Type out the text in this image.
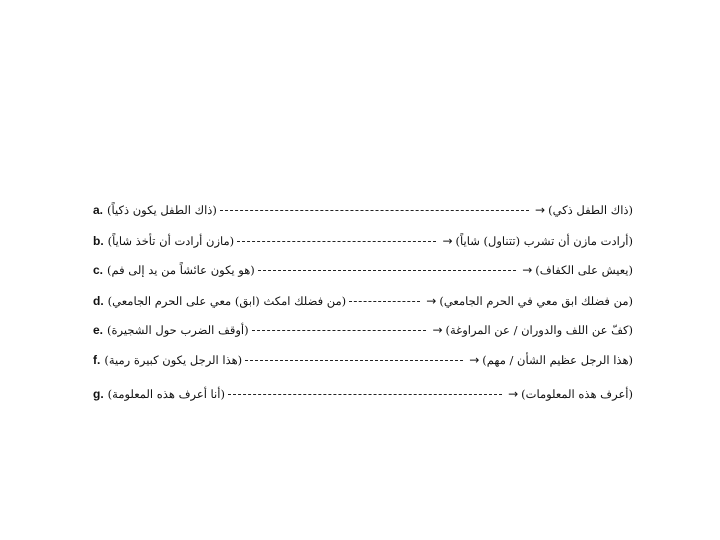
a. (ذاك الطفل يكون ذكياً)	→ (ذاك الطفل ذكي)
b. (مازن أرادت أن تأخذ شاياً)	→ (أرادت مازن أن تشرب (تتناول) شاياً)
c. (هو يكون عائشاً من يد إلى فم)	→ (يعيش على الكفاف)
d. (من فضلك امكث (ابق) معي على الحرم الجامعي)	→ (من فضلك ابق معي في الحرم الجامعي)
e. (أوقف الضرب حول الشجيرة)	→ (كفّ عن اللف والدوران / عن المراوغة)
f. (هذا الرجل يكون كبيرة رمية)	→ (هذا الرجل عظيم الشأن / مهم)
g. (أنا أعرف هذه المعلومة)	→ (أعرف هذه المعلومات)
